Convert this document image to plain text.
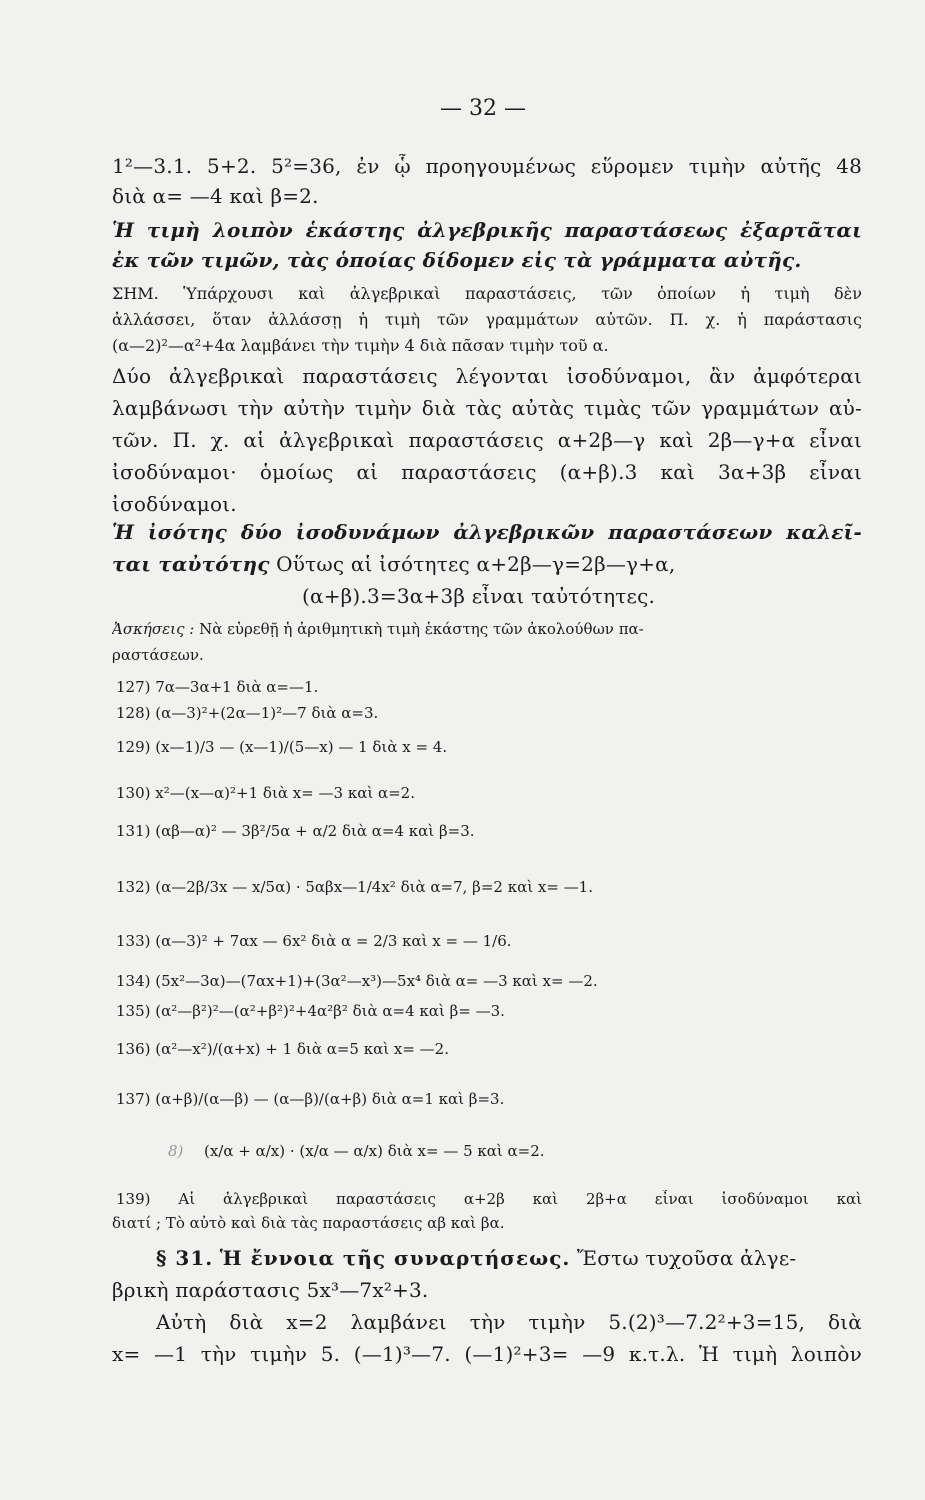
— 32 —
1²—3.1. 5+2. 5²=36, ἐν ᾧ προηγουμένως εὕρομεν τιμὴν αὐτῆς 48
διὰ α= —4 καὶ β=2.
Ἡ τιμὴ λοιπὸν ἑκάστης ἀλγεβρικῆς παραστάσεως ἐξαρτᾶται
ἐκ τῶν τιμῶν, τὰς ὁποίας δίδομεν εἰς τὰ γράμματα αὐτῆς.
ΣΗΜ. Ὑπάρχουσι καὶ ἀλγεβρικαὶ παραστάσεις, τῶν ὁποίων ἡ τιμὴ δὲν
ἀλλάσσει, ὅταν ἀλλάσσῃ ἡ τιμὴ τῶν γραμμάτων αὐτῶν. Π. χ. ἡ παράστασις
(α—2)²—α²+4α λαμβάνει τὴν τιμὴν 4 διὰ πᾶσαν τιμὴν τοῦ α.
Δύο ἀλγεβρικαὶ παραστάσεις λέγονται ἰσοδύναμοι, ἂν ἀμφότεραι
λαμβάνωσι τὴν αὐτὴν τιμὴν διὰ τὰς αὐτὰς τιμὰς τῶν γραμμάτων αὐ-
τῶν. Π. χ. αἱ ἀλγεβρικαὶ παραστάσεις α+2β—γ καὶ 2β—γ+α εἶναι
ἰσοδύναμοι· ὁμοίως αἱ παραστάσεις (α+β).3 καὶ 3α+3β εἶναι
ἰσοδύναμοι.
Ἡ ἰσότης δύο ἰσοδυνάμων ἀλγεβρικῶν παραστάσεων καλεῖ-
ται ταὐτότης Οὕτως αἱ ἰσότητες α+2β—γ=2β—γ+α,
(α+β).3=3α+3β εἶναι ταὐτότητες.
Ἀσκήσεις : Νὰ εὑρεθῇ ἡ ἀριθμητικὴ τιμὴ ἑκάστης τῶν ἀκολούθων πα-
ραστάσεων.
127) 7α—3α+1 διὰ α=—1.
128) (α—3)²+(2α—1)²—7 διὰ α=3.
129) (x—1)/3 — (x—1)/(5—x) — 1 διὰ x = 4.
130) x²—(x—α)²+1 διὰ x= —3 καὶ α=2.
131) (αβ—α)² — 3β²/5α + α/2 διὰ α=4 καὶ β=3.
132) (α—2β/3x — x/5α) · 5αβx—1/4x² διὰ α=7, β=2 καὶ x= —1.
133) (α—3)² + 7αx — 6x² διὰ α = 2/3 καὶ x = — 1/6.
134) (5x²—3α)—(7αx+1)+(3α²—x³)—5x⁴ διὰ α= —3 καὶ x= —2.
135) (α²—β²)²—(α²+β²)²+4α²β² διὰ α=4 καὶ β= —3.
136) (α²—x²)/(α+x) + 1 διὰ α=5 καὶ x= —2.
137) (α+β)/(α—β) — (α—β)/(α+β) διὰ α=1 καὶ β=3.
8) (x/α + α/x) · (x/α — α/x) διὰ x= — 5 καὶ α=2.
139) Αἱ ἀλγεβρικαὶ παραστάσεις α+2β καὶ 2β+α εἶναι ἰσοδύναμοι καὶ
διατί ; Τὸ αὐτὸ καὶ διὰ τὰς παραστάσεις αβ καὶ βα.
§ 31. Ἡ ἔννοια τῆς συναρτήσεως. Ἔστω τυχοῦσα ἀλγε-
βρικὴ παράστασις 5x³—7x²+3.
Αὐτὴ διὰ x=2 λαμβάνει τὴν τιμὴν 5.(2)³—7.2²+3=15, διὰ
x= —1 τὴν τιμὴν 5. (—1)³—7. (—1)²+3= —9 κ.τ.λ. Ἡ τιμὴ λοιπὸν
